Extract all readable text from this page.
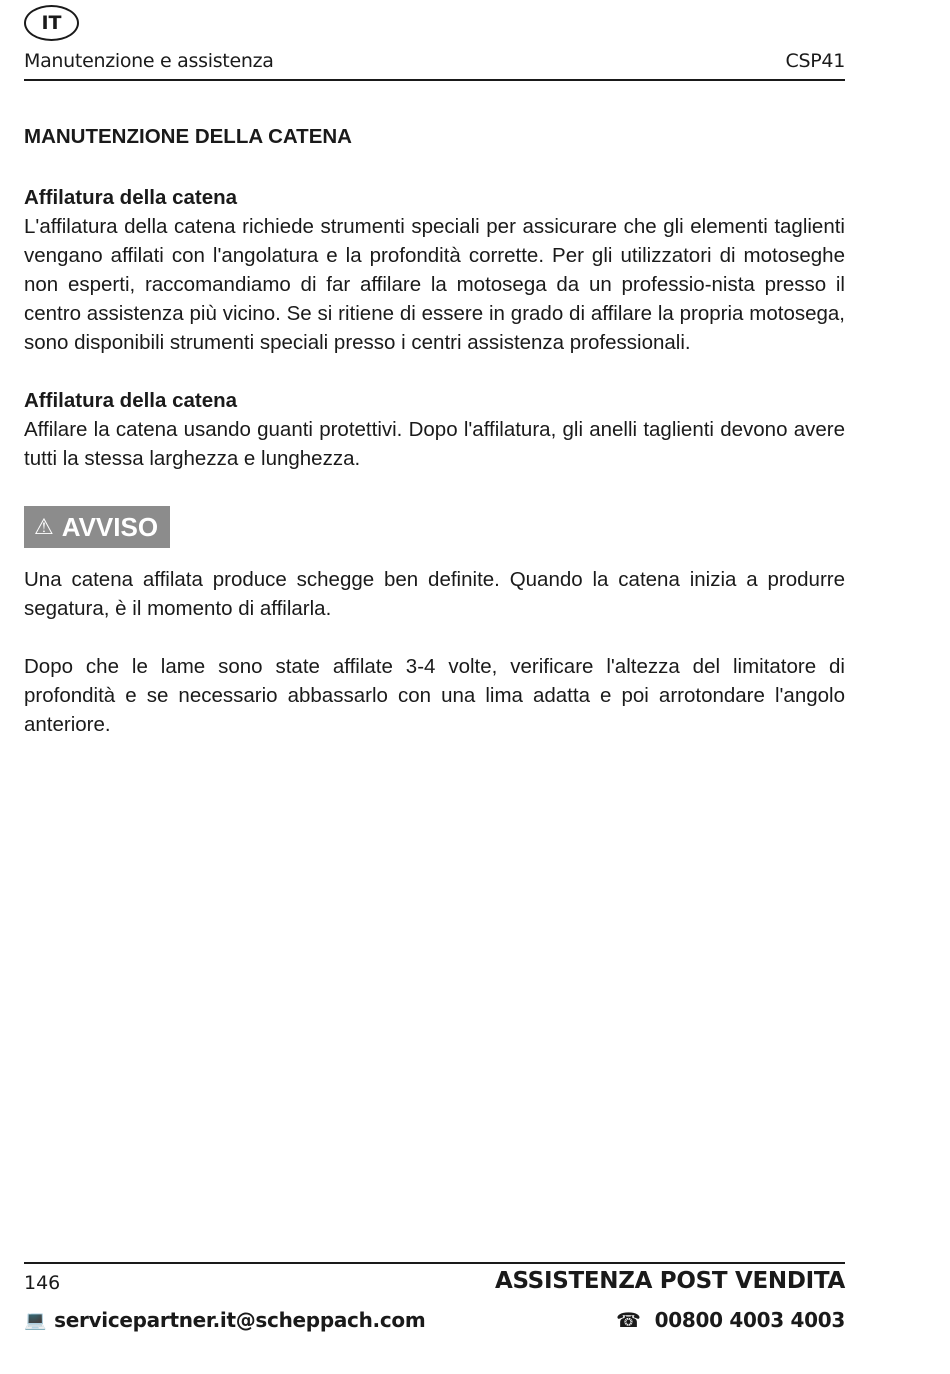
IT
Manutenzione e assistenza	CSP41
MANUTENZIONE DELLA CATENA
Affilatura della catena

L'affilatura della catena richiede strumenti speciali per assicurare che gli elementi taglienti vengano affilati con l'angolatura e la profondità corrette. Per gli utilizzatori di motoseghe non esperti, raccomandiamo di far affilare la motosega da un professio-nista presso il centro assistenza più vicino. Se si ritiene di essere in grado di affilare la propria motosega, sono disponibili strumenti speciali presso i centri assistenza professionali.

Affilatura della catena

Affilare la catena usando guanti protettivi. Dopo l'affilatura, gli anelli taglienti devono avere tutti la stessa larghezza e lunghezza.

⚠ AVVISO

Una catena affilata produce schegge ben definite. Quando la catena inizia a produrre segatura, è il momento di affilarla.

Dopo che le lame sono state affilate 3-4 volte, verificare l'altezza del limitatore di profondità e se necessario abbassarlo con una lima adatta e poi arrotondare l'angolo anteriore.

146	ASSISTENZA POST VENDITA
💻 servicepartner.it@scheppach.com	☎ 00800 4003 4003
